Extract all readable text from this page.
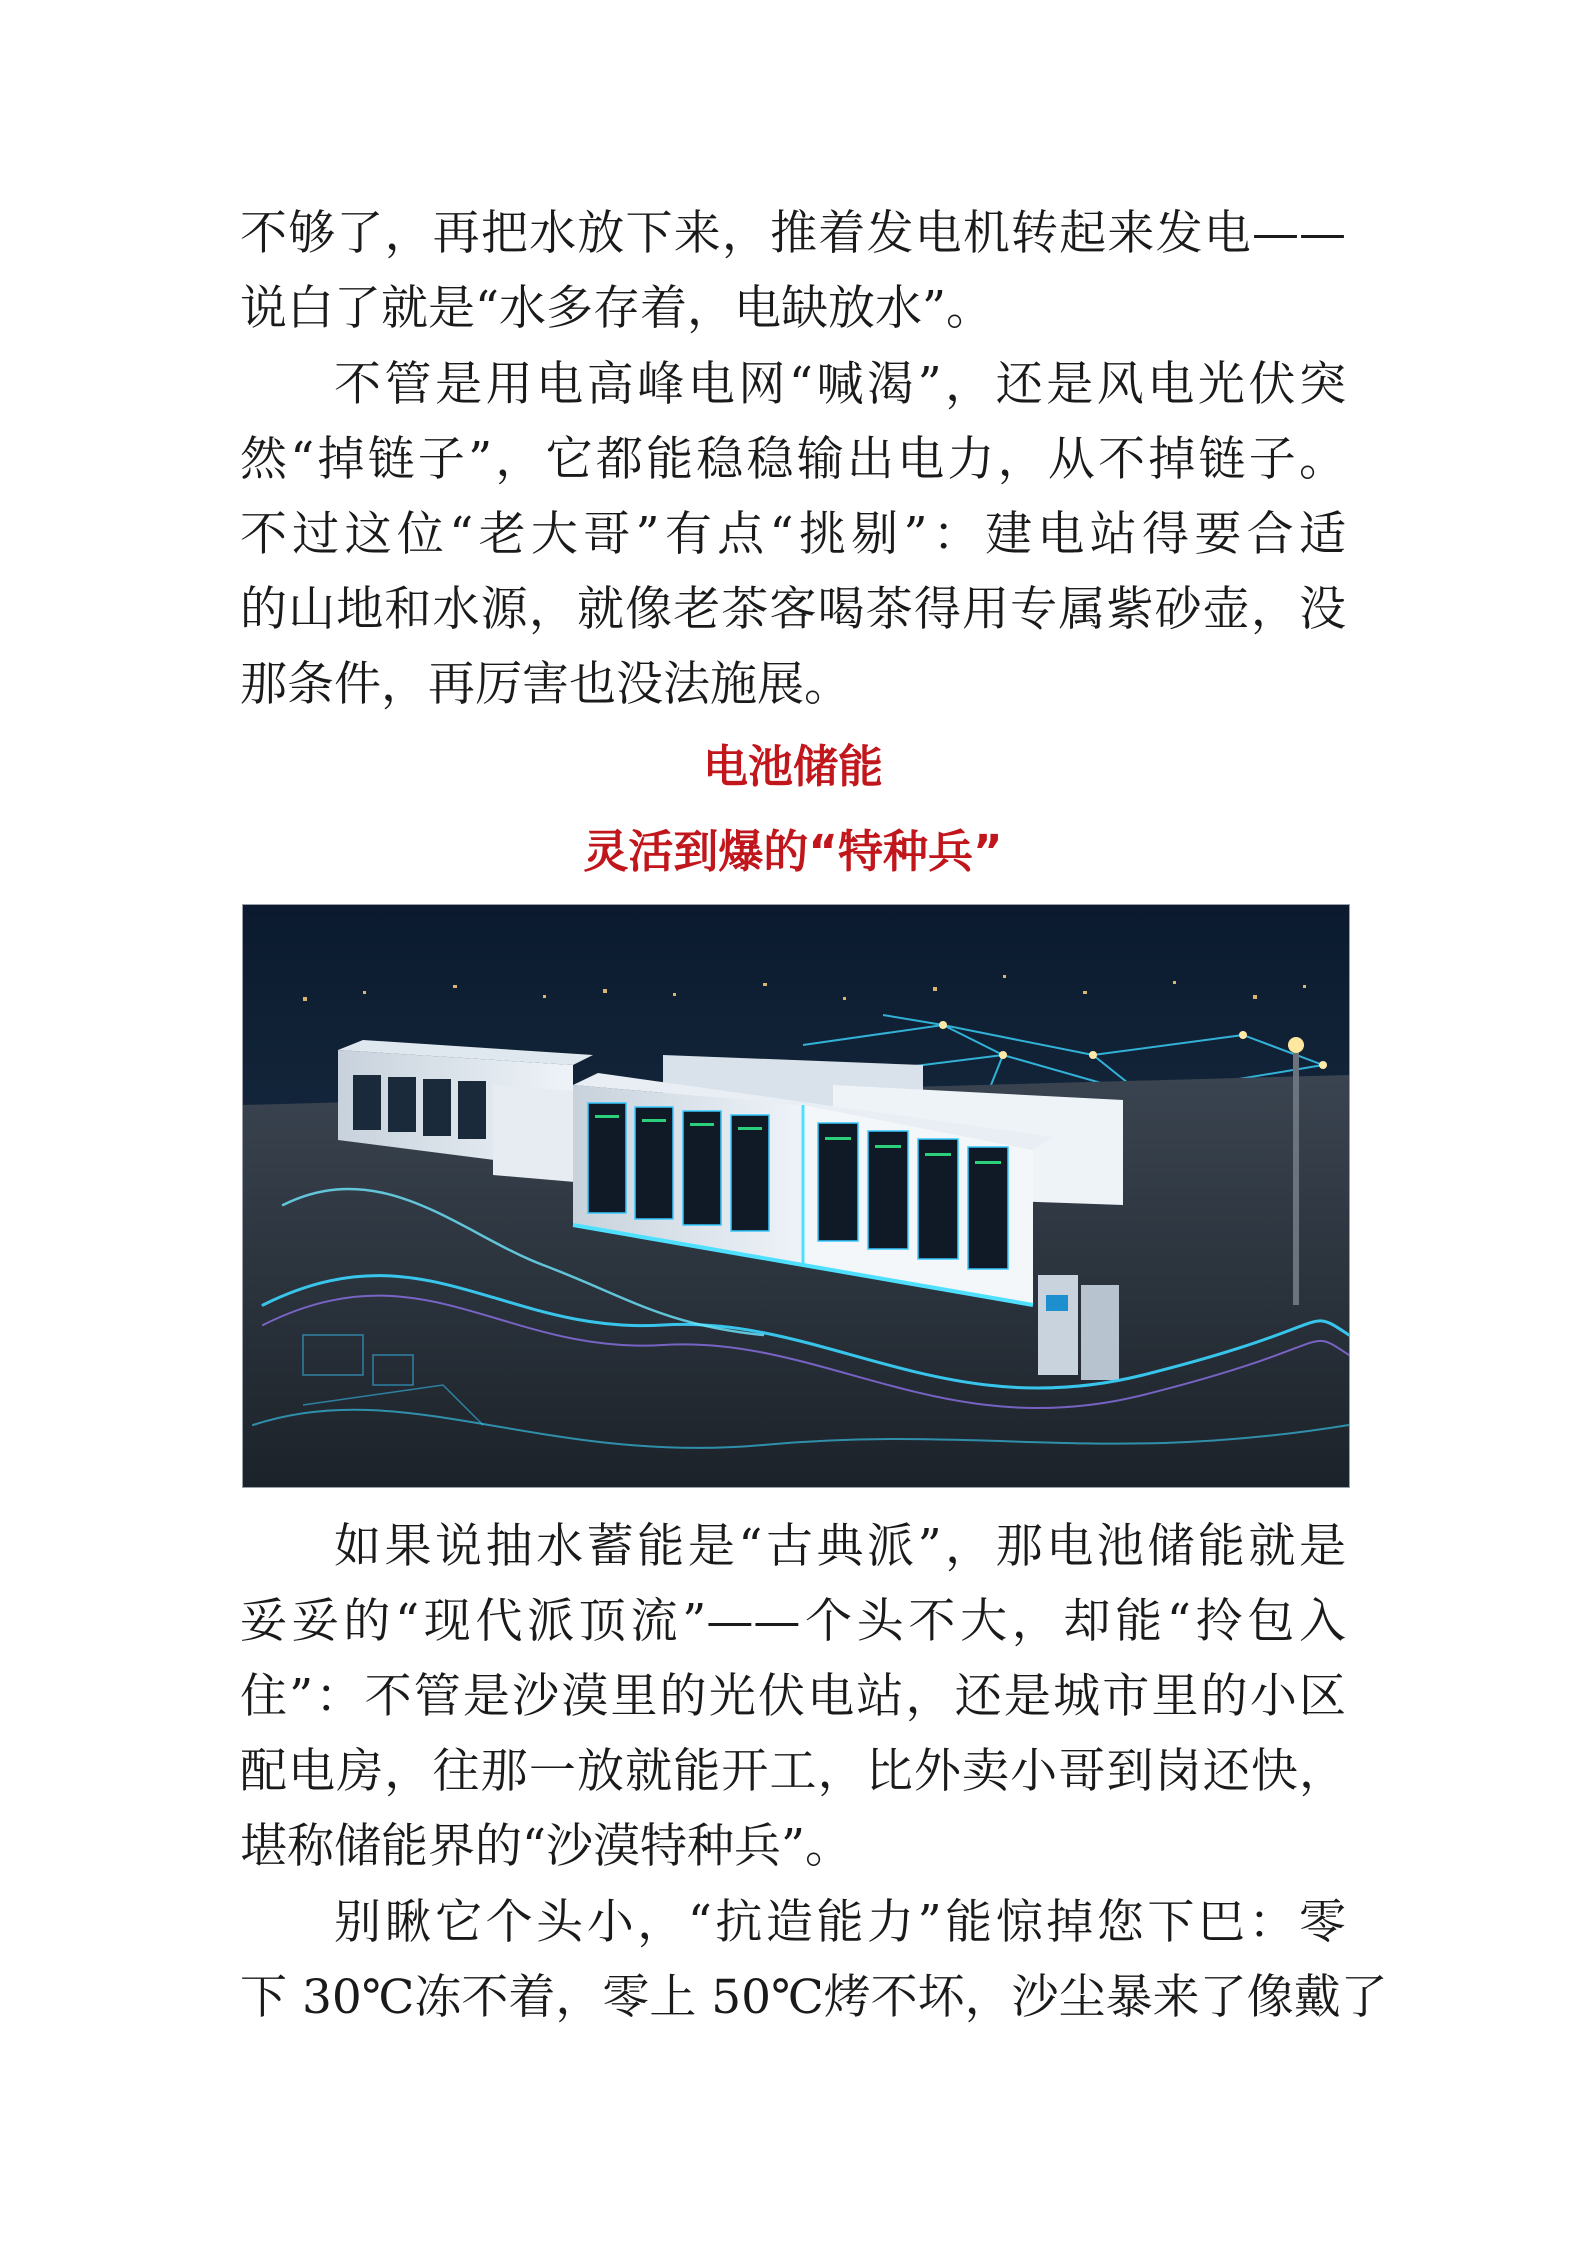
不够了，再把水放下来，推着发电机转起来发电——
说白了就是“水多存着，电缺放水”。
不管是用电高峰电网“喊渴”，还是风电光伏突
然“掉链子”，它都能稳稳输出电力，从不掉链子。
不过这位“老大哥”有点“挑剔”：建电站得要合适
的山地和水源，就像老茶客喝茶得用专属紫砂壶，没
那条件，再厉害也没法施展。
电池储能
灵活到爆的“特种兵”
如果说抽水蓄能是“古典派”，那电池储能就是
妥妥的“现代派顶流”——个头不大，却能“拎包入
住”：不管是沙漠里的光伏电站，还是城市里的小区
配电房，往那一放就能开工，比外卖小哥到岗还快，
堪称储能界的“沙漠特种兵”。
别瞅它个头小，“抗造能力”能惊掉您下巴：零
下 30℃冻不着，零上 50℃烤不坏，沙尘暴来了像戴了
